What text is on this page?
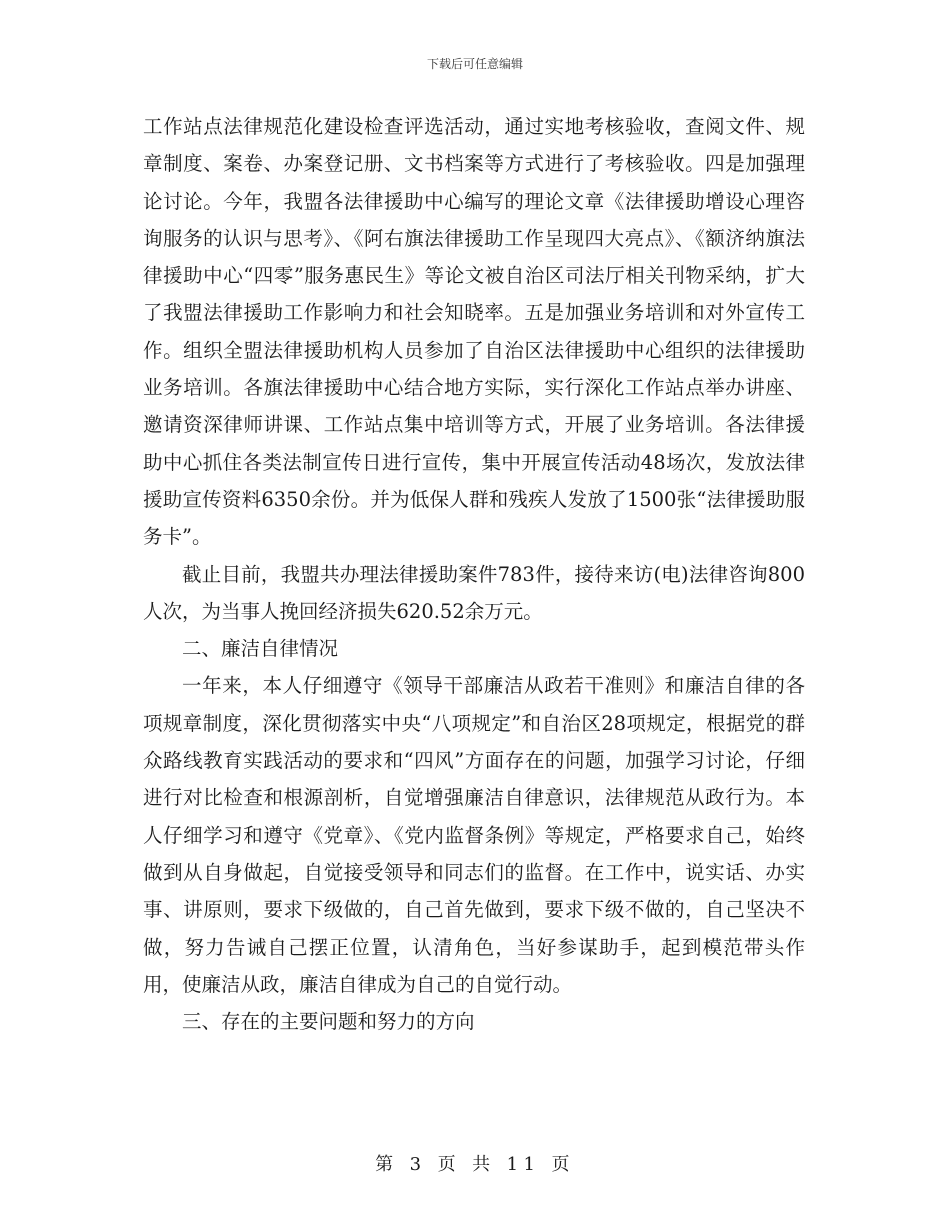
下载后可任意编辑

工作站点法律规范化建设检查评选活动，通过实地考核验收，查阅文件、规章制度、案卷、办案登记册、文书档案等方式进行了考核验收。四是加强理论讨论。今年，我盟各法律援助中心编写的理论文章《法律援助增设心理咨询服务的认识与思考》、《阿右旗法律援助工作呈现四大亮点》、《额济纳旗法律援助中心“四零”服务惠民生》等论文被自治区司法厅相关刊物采纳，扩大了我盟法律援助工作影响力和社会知晓率。五是加强业务培训和对外宣传工作。组织全盟法律援助机构人员参加了自治区法律援助中心组织的法律援助业务培训。各旗法律援助中心结合地方实际，实行深化工作站点举办讲座、邀请资深律师讲课、工作站点集中培训等方式，开展了业务培训。各法律援助中心抓住各类法制宣传日进行宣传，集中开展宣传活动48场次，发放法律援助宣传资料6350余份。并为低保人群和残疾人发放了1500张“法律援助服务卡”。

截止目前，我盟共办理法律援助案件783件，接待来访(电)法律咨询800人次，为当事人挽回经济损失620.52余万元。

二、廉洁自律情况

一年来，本人仔细遵守《领导干部廉洁从政若干准则》和廉洁自律的各项规章制度，深化贯彻落实中央“八项规定”和自治区28项规定，根据党的群众路线教育实践活动的要求和“四风”方面存在的问题，加强学习讨论，仔细进行对比检查和根源剖析，自觉增强廉洁自律意识，法律规范从政行为。本人仔细学习和遵守《党章》、《党内监督条例》等规定，严格要求自己，始终做到从自身做起，自觉接受领导和同志们的监督。在工作中，说实话、办实事、讲原则，要求下级做的，自己首先做到，要求下级不做的，自己坚决不做，努力告诫自己摆正位置，认清角色，当好参谋助手，起到模范带头作用，使廉洁从政，廉洁自律成为自己的自觉行动。

三、存在的主要问题和努力的方向

第 3 页 共 11 页
